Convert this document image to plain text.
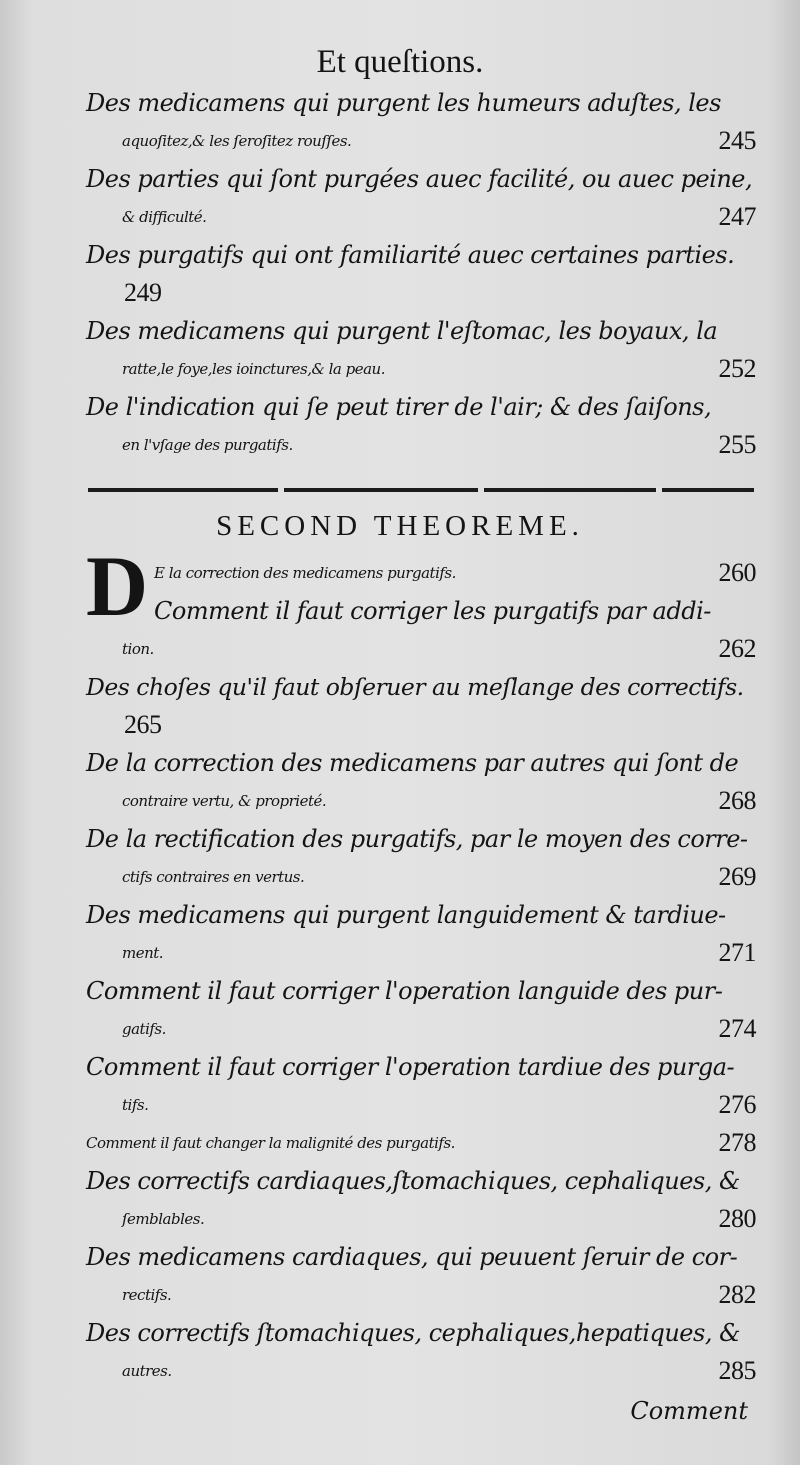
Et queſtions.
Des medicamens qui purgent les humeurs aduſtes, les
aquoſitez,& les ſeroſitez rouſſes.	245
Des parties qui ſont purgées auec facilité, ou auec peine,
& difficulté.	247
Des purgatifs qui ont familiarité auec certaines parties.
249
Des medicamens qui purgent l'eſtomac, les boyaux, la
ratte,le foye,les ioinctures,& la peau.	252
De l'indication qui ſe peut tirer de l'air; & des ſaiſons,
en l'vſage des purgatifs.	255
SECOND THEOREME.
D E la correction des medicamens purgatifs.	260
Comment il faut corriger les purgatifs par addi-
tion.	262
Des choſes qu'il faut obſeruer au meſlange des correctifs.
265
De la correction des medicamens par autres qui ſont de
contraire vertu, & proprieté.	268
De la rectification des purgatifs, par le moyen des corre-
ctifs contraires en vertus.	269
Des medicamens qui purgent languidement & tardiue-
ment.	271
Comment il faut corriger l'operation languide des pur-
gatifs.	274
Comment il faut corriger l'operation tardiue des purga-
tifs.	276
Comment il faut changer la malignité des purgatifs.	278
Des correctifs cardiaques,ſtomachiques, cephaliques, &
ſemblables.	280
Des medicamens cardiaques, qui peuuent ſeruir de cor-
rectifs.	282
Des correctifs ſtomachiques, cephaliques,hepatiques, &
autres.	285
Comment
